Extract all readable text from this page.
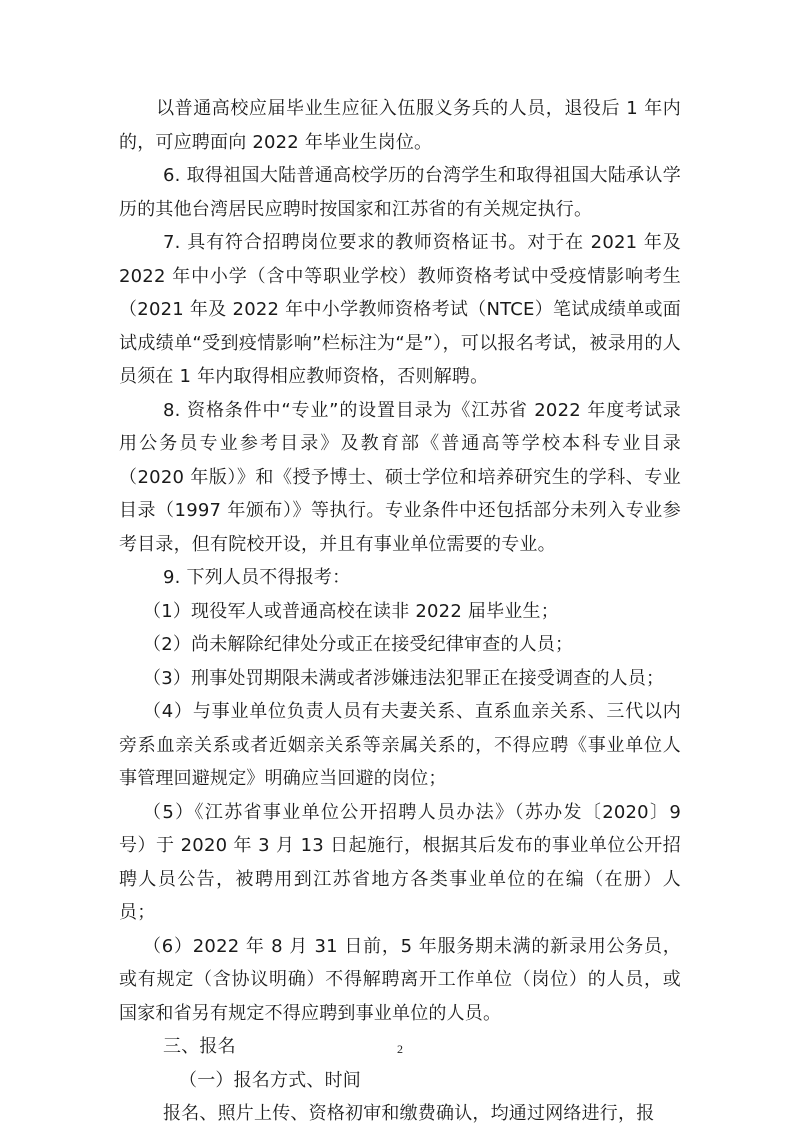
　　以普通高校应届毕业生应征入伍服义务兵的人员，退役后 1 年内的，可应聘面向 2022 年毕业生岗位。

6. 取得祖国大陆普通高校学历的台湾学生和取得祖国大陆承认学历的其他台湾居民应聘时按国家和江苏省的有关规定执行。

7. 具有符合招聘岗位要求的教师资格证书。对于在 2021 年及 2022 年中小学（含中等职业学校）教师资格考试中受疫情影响考生（2021 年及 2022 年中小学教师资格考试（NTCE）笔试成绩单或面试成绩单“受到疫情影响”栏标注为“是”），可以报名考试，被录用的人员须在 1 年内取得相应教师资格，否则解聘。

8. 资格条件中“专业”的设置目录为《江苏省 2022 年度考试录用公务员专业参考目录》及教育部《普通高等学校本科专业目录（2020 年版）》和《授予博士、硕士学位和培养研究生的学科、专业目录（1997 年颁布）》等执行。专业条件中还包括部分未列入专业参考目录，但有院校开设，并且有事业单位需要的专业。

9. 下列人员不得报考：

（1）现役军人或普通高校在读非 2022 届毕业生；

（2）尚未解除纪律处分或正在接受纪律审查的人员；

（3）刑事处罚期限未满或者涉嫌违法犯罪正在接受调查的人员；

（4）与事业单位负责人员有夫妻关系、直系血亲关系、三代以内旁系血亲关系或者近姻亲关系等亲属关系的，不得应聘《事业单位人事管理回避规定》明确应当回避的岗位；

（5）《江苏省事业单位公开招聘人员办法》（苏办发〔2020〕9 号）于 2020 年 3 月 13 日起施行，根据其后发布的事业单位公开招聘人员公告，被聘用到江苏省地方各类事业单位的在编（在册）人员；

（6）2022 年 8 月 31 日前，5 年服务期未满的新录用公务员，或有规定（含协议明确）不得解聘离开工作单位（岗位）的人员，或国家和省另有规定不得应聘到事业单位的人员。

三、报名

（一）报名方式、时间

报名、照片上传、资格初审和缴费确认，均通过网络进行，报

2
